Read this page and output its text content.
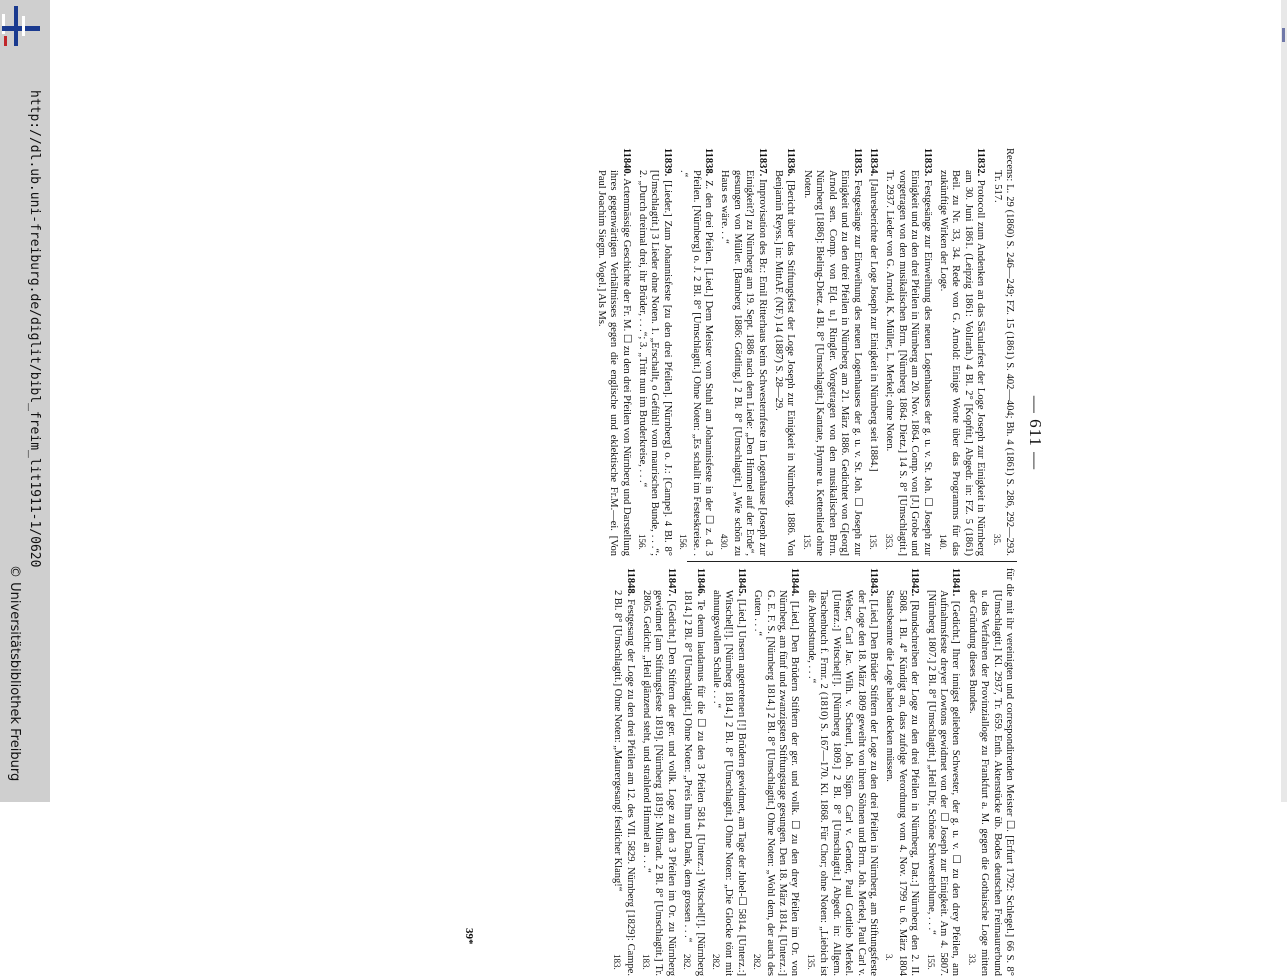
http://dl.ub.uni-freiburg.de/diglit/bibl_freim_lit1911-1/0620
© Universitätsbibliothek Freiburg
— 611 —
Recens: L. 29 (1860) S. 246—249; FZ. 15 (1861) S. 402—404; Bh. 4 (1861) S. 286, 292—293. Tr. 517.
35.
11832. Protocoll zum Andenken an das Säcularfest der Loge Joseph zur Einigkeit in Nürnberg am 30. Juni 1861. (Leipzig 1861: Vollrath.) 4 Bl. 2° [Kopftit.] Abgedr. in: FZ. 5 (1861) Beil. zu Nr. 33, 34. Rede von G. Arnold: Einige Worte über das Programms für das zukünftige Wirken der Loge.
140.
11833. Festgesänge zur Einweihung des neuen Logenhauses der g. u. v. St. Joh. ☐ Joseph zur Einigkeit und zu den drei Pfeilen in Nürnberg am 20. Nov. 1864. Comp. von [J.] Grobe und vorgetragen von den musikalischen Brrn. [Nürnberg 1864: Dietz.] 14 S. 8° [Umschlagtit.] Tr. 2937. Lieder von G. Arnold, K. Müller, L. Merkel; ohne Noten.
353.
11834. [Jahresberichte der Loge Joseph zur Einigkeit in Nürnberg seit 1884.]
135.
11835. Festgesänge zur Einweihung des neuen Logenhauses der g. u. v. St. Joh. ☐ Joseph zur Einigkeit und zu den drei Pfeilen in Nürnberg am 21. März 1886. Gedichtet von G[eorg] Arnold sen. Comp. von E[d. u.] Ringler. Vorgetragen von den musikalischen Brrn. Nürnberg [1886]: Bieling-Dietz. 4 Bl. 8° [Umschlagtit.] Kantate, Hymne u. Kettenlied ohne Noten.
135.
11836. [Bericht über das Stiftungsfest der Loge Joseph zur Einigkeit in Nürnberg. 1886. Von Benjamin Reyss.] in: MittAF. (NF.) 14 (1887) S. 28—29.
11837. Improvisation des Br.: Emil Ritterhaus beim Schwesternfeste im Logenhause [Joseph zur Einigkeit?] zu Nürnberg am 19. Sept. 1886 nach dem Liede: „Den Himmel auf der Erde“, gesungen von Müller. [Bamberg 1886: Göttling.] 2 Bl. 8° [Umschlagtit.] „Wie schön zu Haus es wäre. . .“
430.
11838. Z. den drei Pfeilen. [Lied.] Dem Meister vom Stuhl am Johannisfeste in der ☐ z. d. 3 Pfeilen. [Nürnberg] o. J. 2 Bl. 8° [Umschlagtit.] Ohne Noten: „Es schallt im Festeskreise. . .“
156.
11839. [Lieder.] Zum Johannisfeste [zu den drei Pfeilen]. [Nürnberg] o. J.: [Campe]. 4 Bl. 8° [Umschlagtit.] 3 Lieder ohne Noten. 1. „Erschallt, o Gefühl! vom maurischen Bunde, . . .“; 2. „Durch dreimal drei, ihr Brüder, . . .“; 3. „Tritt nun im Bruderkreise, . . .“
156.
11840. Actenmässige Geschichte der Fr. M. ☐ zu den drei Pfeilen von Nürnberg und Darstellung ihres gegenwärtigen Verhältnisses gegen die englische und eklektische Fr.M.—ei. [Von Paul Joachim Siegm. Vogel.] Als Ms.
für die mit ihr vereinigten und correspondirenden Meister ☐. [Erfurt 1792: Schlegel.] 66 S. 8° [Umschlagtit.] Kl. 2937, Tr. 659. Enth. Aktenstücke üb. Bodes deutschen Freimaurerbund u. das Verfahren der Provinzialloge zu Frankfurt a. M. gegen die Gothaische Loge mitten der Gründung dieses Bundes.
33.
11841. [Gedicht.] Ihrer innigst geliebten Schwester, der g. u. v. ☐ zu den drey Pfeilen, am Aufnahmsfeste dreyer Lowtons gewidmet von der ☐ Joseph zur Einigkeit. Am 4. 5807. [Nürnberg 1807.] 2 Bl. 8° [Umschlagtit.] „Heil Dir, Schöne Schwesterblume, . . .“
155.
11842. [Rundschreiben der Loge zu den drei Pfeilen in Nürnberg, Dat.:] Nürnberg den 2. II. 5808. 1 Bl. 4° Kündigt an, dass zufolge Verordnung vom 4. Nov. 1799 u. 6. März 1804 Staatsbeamte die Loge haben decken müssen.
3.
11843. [Lied.] Den Brüder Stiftern der Loge zu den drei Pfeilen in Nürnberg, am Stiftungsfeste der Loge den 18. März 1809 geweiht von ihren Söhnen und Brrn. Joh. Merkel, Paul Carl v. Welser, Carl Jac. Wilh. v. Scheurl, Joh. Sigm. Carl v. Gender, Paul Gottlieb Merkel. [Unterz.:] Witschel[!]. [Nürnberg 1809.] 2 Bl. 8° [Umschlagtit.] Abgedr. in: Allgem. Taschenbuch f. Frmr. 2 (1810) S. 167—170. Kl. 1868. Für Chor; ohne Noten: „Liebich ist die Abendstunde, . . .“
135.
11844. [Lied.] Den Brüdern Stiftern der ger. und vollk. ☐ zu den drey Pfeilen im Or. von Nürnberg, am fünf und zwanzigsten Stiftungstage gesungen. Den 18. März 1814. [Unterz.:] G. E. F. S. [Nürnberg 1814.] 2 Bl. 8° [Umschlagtit.] Ohne Noten: „Wohl dem, der auch des Guten . . .“
282.
11845. [Lied.] Unsern angetretenen [!] Brüdern gewidmet, am Tage der Jubel-☐ 5814. [Unterz.:] Witschel[!]. [Nürnberg 1814.] 2 Bl. 8° [Umschlagtit.] Ohne Noten: „Die Glocke tönt mit ahnungsvollem Schalle . . .“
282.
11846. Te deum laudamus für die ☐ zu den 3 Pfeilen 5814. [Unterz.:] Witschel[!]. [Nürnberg 1814.] 2 Bl. 8° [Umschlagtit.] Ohne Noten: „Preis Ihm und Dank, dem grossen . . .“
282.
11847. [Gedicht.] Den Stiftern der ger. und vollk. Loge zu den 3 Pfeilen im Or. zu Nürnberg gewidmet [am Stiftungsfeste 1819]. [Nürnberg 1819]: Milbradt. 2 Bl. 8° [Umschlagtit.] Tr. 2805. Gedicht: „Heil glänzend steht, und strahlend Himmel an . . .“
183.
11848. Festgesang der Loge zu den drei Pfeilen am 12. des VII. 5829. Nürnberg [1829]: Campe. 2 Bl. 8° [Umschlagtit.] Ohne Noten: „Maurergesang! festlicher Klang!“
183.
39*
